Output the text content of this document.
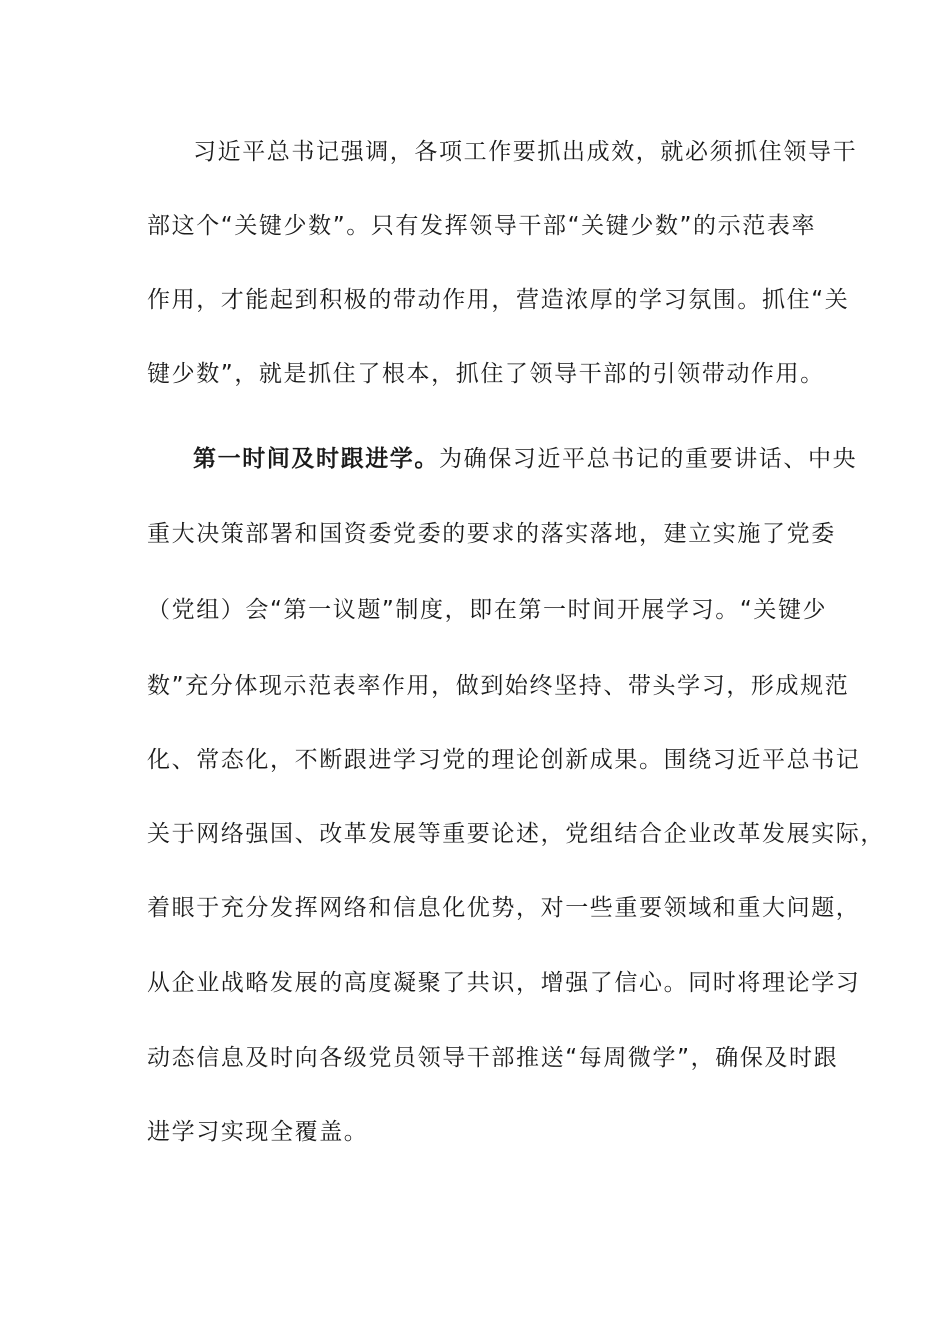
习近平总书记强调，各项工作要抓出成效，就必须抓住领导干
部这个“关键少数”。只有发挥领导干部“关键少数”的示范表率
作用，才能起到积极的带动作用，营造浓厚的学习氛围。抓住“关
键少数”，就是抓住了根本，抓住了领导干部的引领带动作用。
第一时间及时跟进学。为确保习近平总书记的重要讲话、中央
重大决策部署和国资委党委的要求的落实落地，建立实施了党委
（党组）会“第一议题”制度，即在第一时间开展学习。“关键少
数”充分体现示范表率作用，做到始终坚持、带头学习，形成规范
化、常态化，不断跟进学习党的理论创新成果。围绕习近平总书记
关于网络强国、改革发展等重要论述，党组结合企业改革发展实际，
着眼于充分发挥网络和信息化优势，对一些重要领域和重大问题，
从企业战略发展的高度凝聚了共识，增强了信心。同时将理论学习
动态信息及时向各级党员领导干部推送“每周微学”，确保及时跟
进学习实现全覆盖。
